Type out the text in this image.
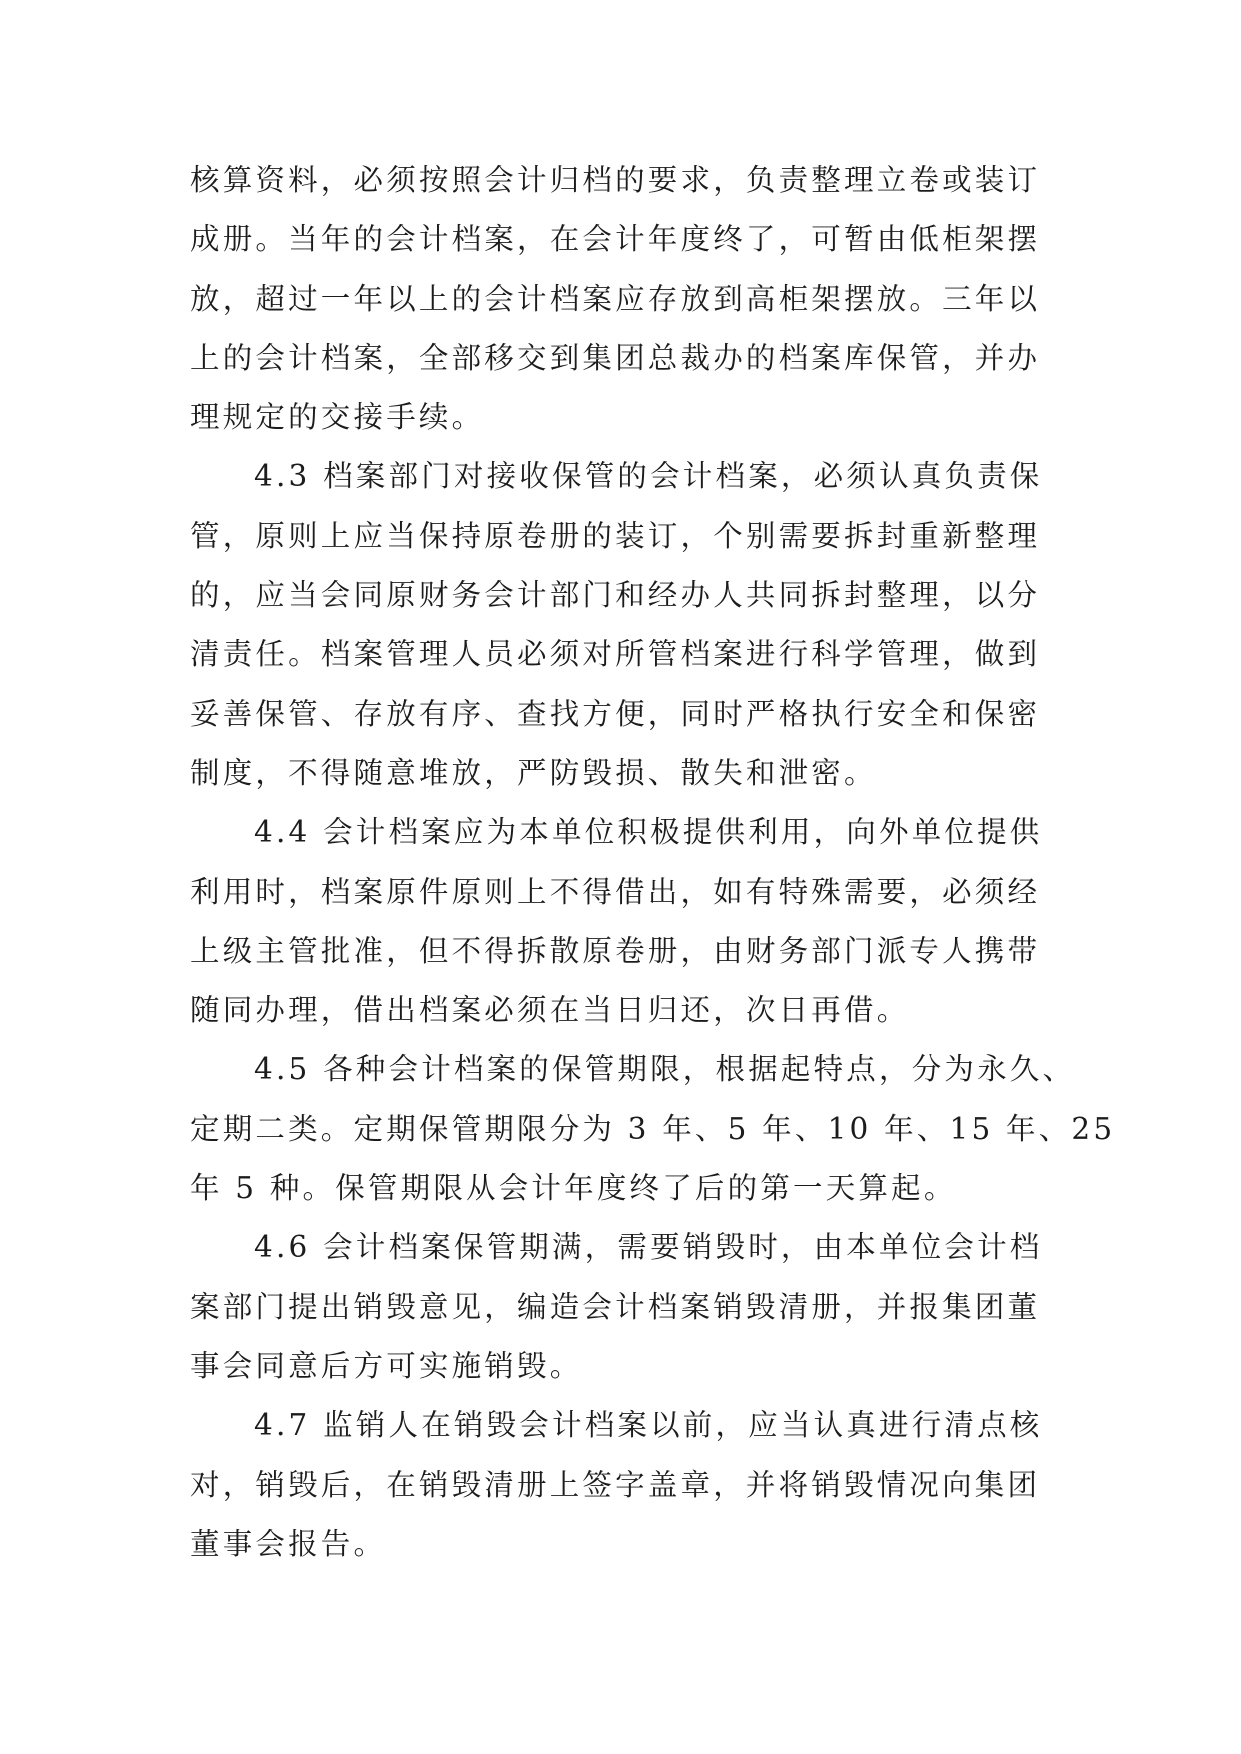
核算资料，必须按照会计归档的要求，负责整理立卷或装订
成册。当年的会计档案，在会计年度终了，可暂由低柜架摆
放，超过一年以上的会计档案应存放到高柜架摆放。三年以
上的会计档案，全部移交到集团总裁办的档案库保管，并办
理规定的交接手续。

4.3 档案部门对接收保管的会计档案，必须认真负责保
管，原则上应当保持原卷册的装订，个别需要拆封重新整理
的，应当会同原财务会计部门和经办人共同拆封整理，以分
清责任。档案管理人员必须对所管档案进行科学管理，做到
妥善保管、存放有序、查找方便，同时严格执行安全和保密
制度，不得随意堆放，严防毁损、散失和泄密。

4.4 会计档案应为本单位积极提供利用，向外单位提供
利用时，档案原件原则上不得借出，如有特殊需要，必须经
上级主管批准，但不得拆散原卷册，由财务部门派专人携带
随同办理，借出档案必须在当日归还，次日再借。

4.5 各种会计档案的保管期限，根据起特点，分为永久、
定期二类。定期保管期限分为 3 年、5 年、10 年、15 年、25
年 5 种。保管期限从会计年度终了后的第一天算起。

4.6 会计档案保管期满，需要销毁时，由本单位会计档
案部门提出销毁意见，编造会计档案销毁清册，并报集团董
事会同意后方可实施销毁。

4.7 监销人在销毁会计档案以前，应当认真进行清点核
对，销毁后，在销毁清册上签字盖章，并将销毁情况向集团
董事会报告。
